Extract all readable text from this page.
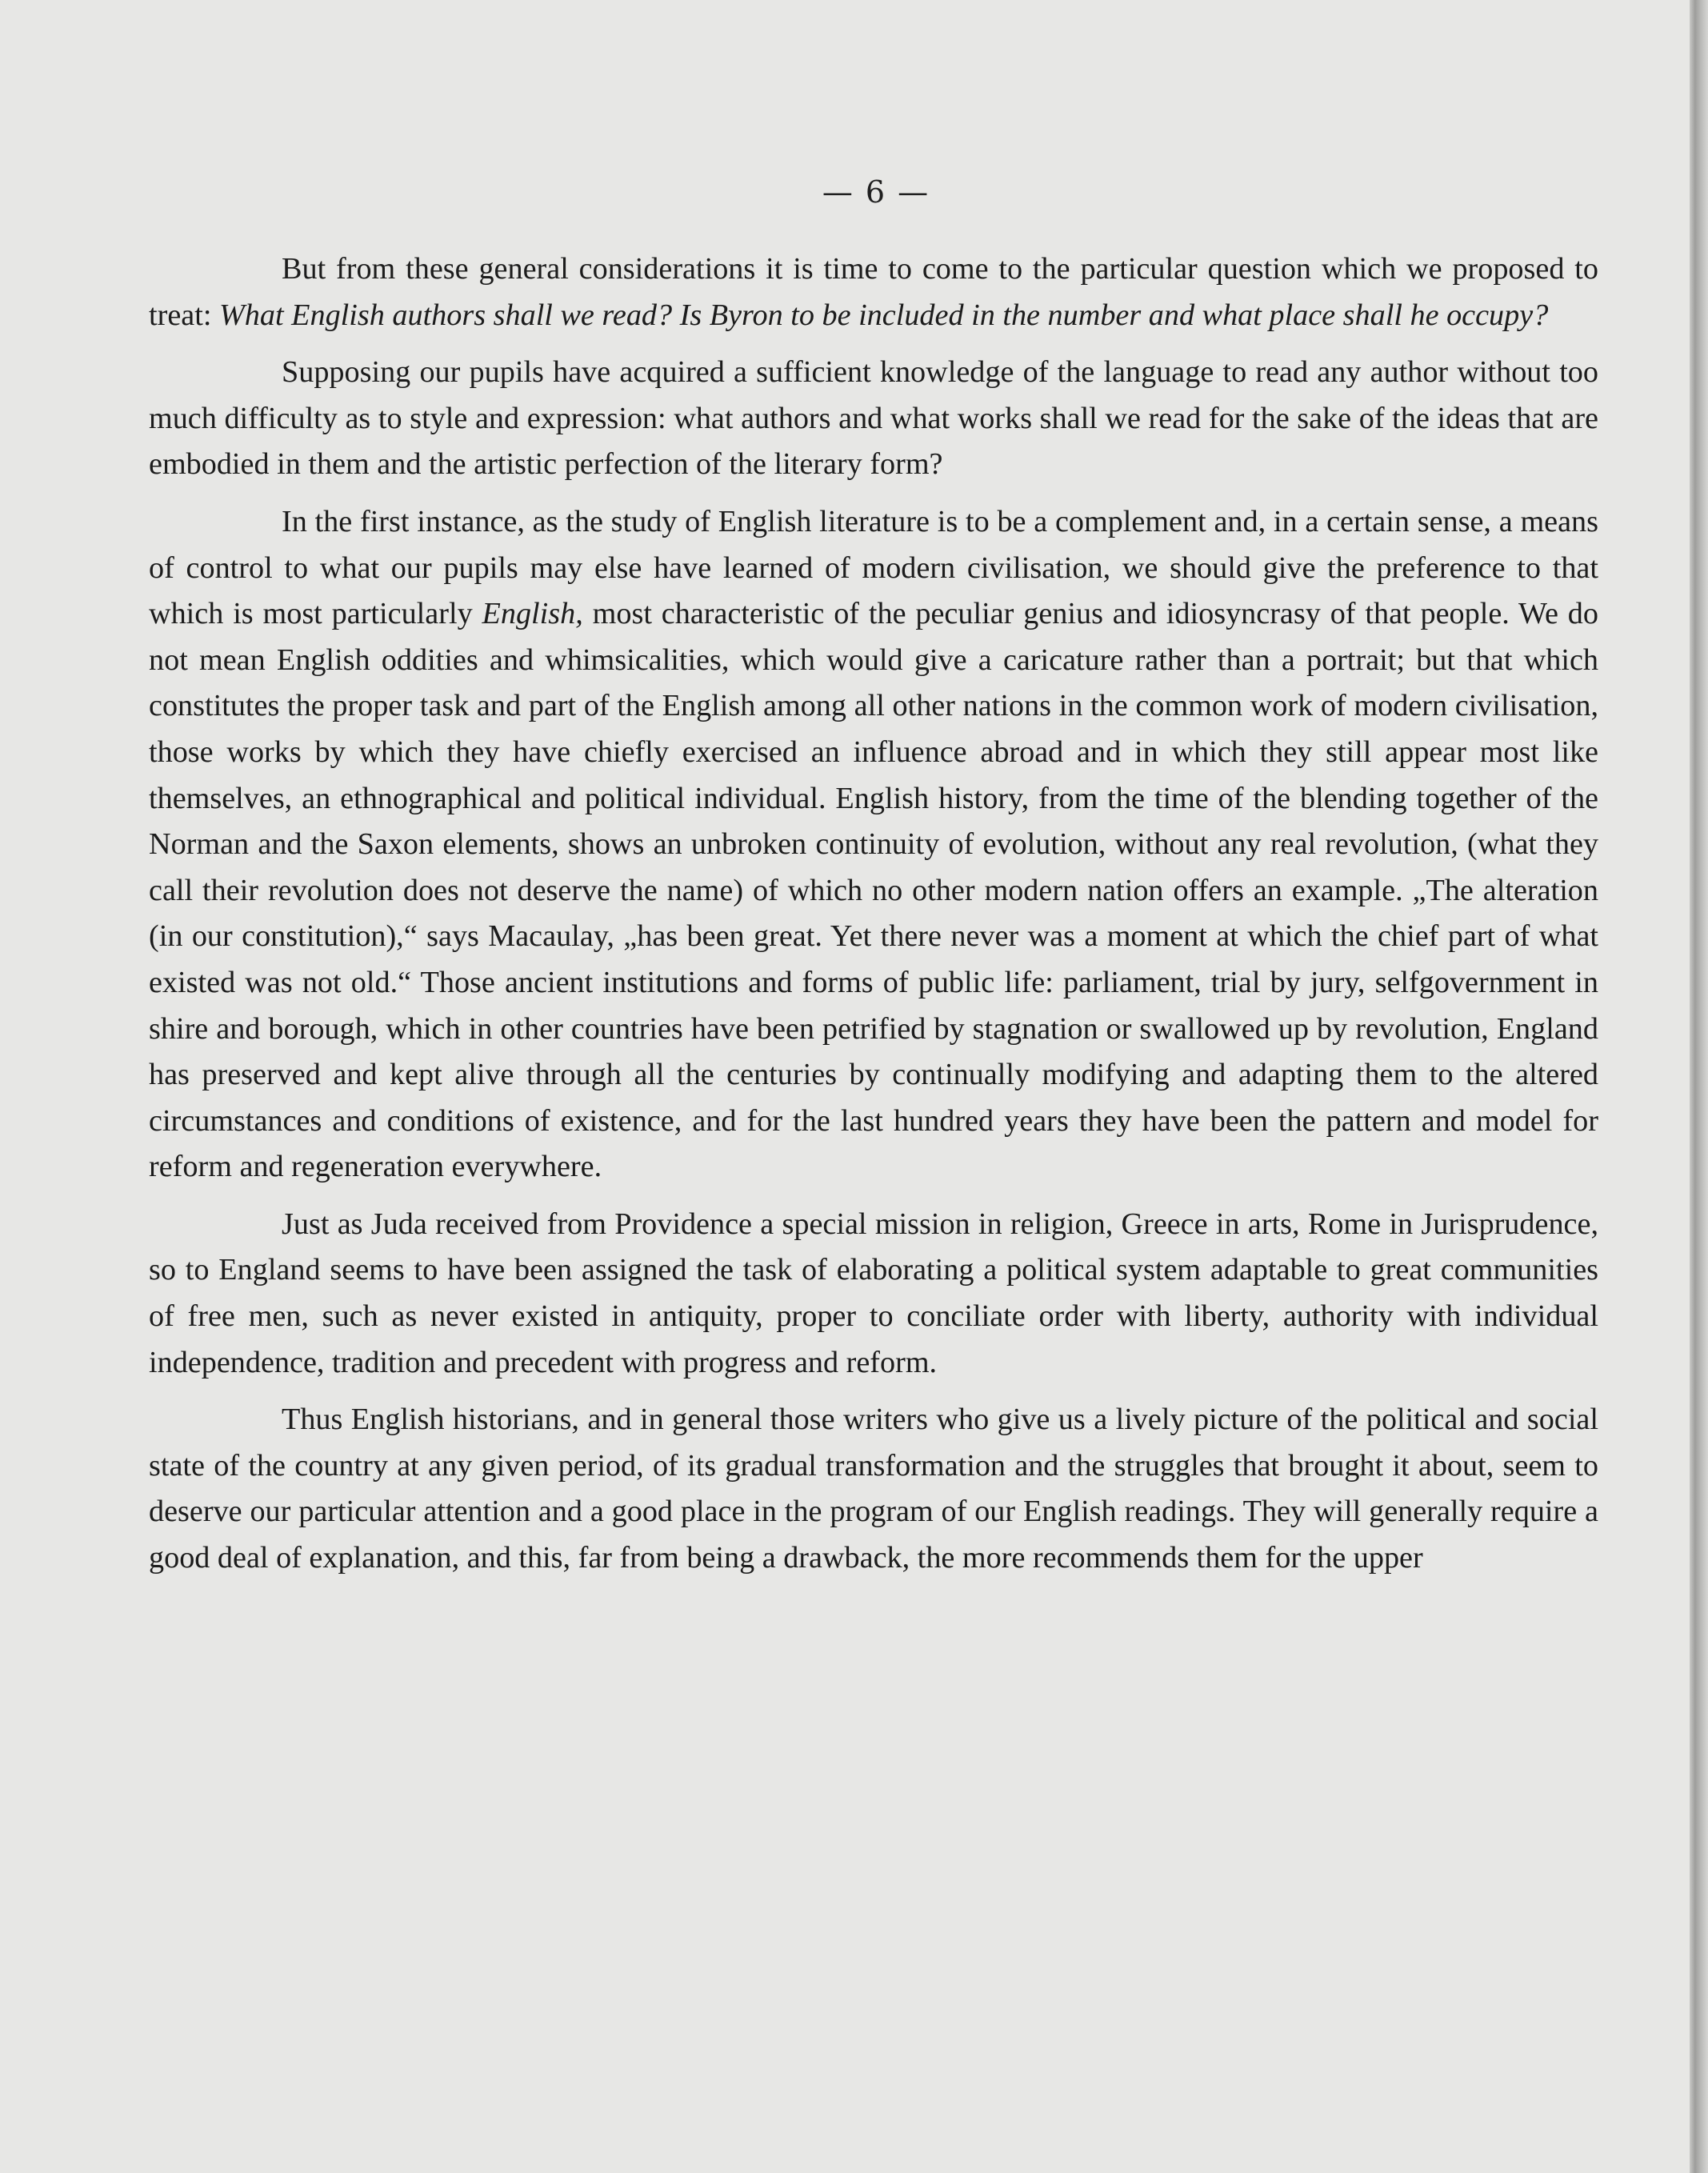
— 6 —

But from these general considerations it is time to come to the particular question which we proposed to treat: What English authors shall we read? Is Byron to be included in the number and what place shall he occupy?

Supposing our pupils have acquired a sufficient knowledge of the language to read any author without too much difficulty as to style and expression: what authors and what works shall we read for the sake of the ideas that are embodied in them and the artistic perfection of the literary form?

In the first instance, as the study of English literature is to be a complement and, in a certain sense, a means of control to what our pupils may else have learned of modern civilisation, we should give the preference to that which is most particularly English, most characteristic of the peculiar genius and idiosyncrasy of that people. We do not mean English oddities and whimsicalities, which would give a caricature rather than a portrait; but that which constitutes the proper task and part of the English among all other nations in the common work of modern civilisation, those works by which they have chiefly exercised an influence abroad and in which they still appear most like themselves, an ethnographical and political individual. English history, from the time of the blending together of the Norman and the Saxon elements, shows an unbroken continuity of evolution, without any real revolution, (what they call their revolution does not deserve the name) of which no other modern nation offers an example. „The alteration (in our constitution),“ says Macaulay, „has been great. Yet there never was a moment at which the chief part of what existed was not old.“ Those ancient institutions and forms of public life: parliament, trial by jury, selfgovernment in shire and borough, which in other countries have been petrified by stagnation or swallowed up by revolution, England has preserved and kept alive through all the centuries by continually modifying and adapting them to the altered circumstances and conditions of existence, and for the last hundred years they have been the pattern and model for reform and regeneration everywhere.

Just as Juda received from Providence a special mission in religion, Greece in arts, Rome in Jurisprudence, so to England seems to have been assigned the task of elaborating a political system adaptable to great communities of free men, such as never existed in antiquity, proper to conciliate order with liberty, authority with individual independence, tradition and precedent with progress and reform.

Thus English historians, and in general those writers who give us a lively picture of the political and social state of the country at any given period, of its gradual transformation and the struggles that brought it about, seem to deserve our particular attention and a good place in the program of our English readings. They will generally require a good deal of explanation, and this, far from being a drawback, the more recommends them for the upper
